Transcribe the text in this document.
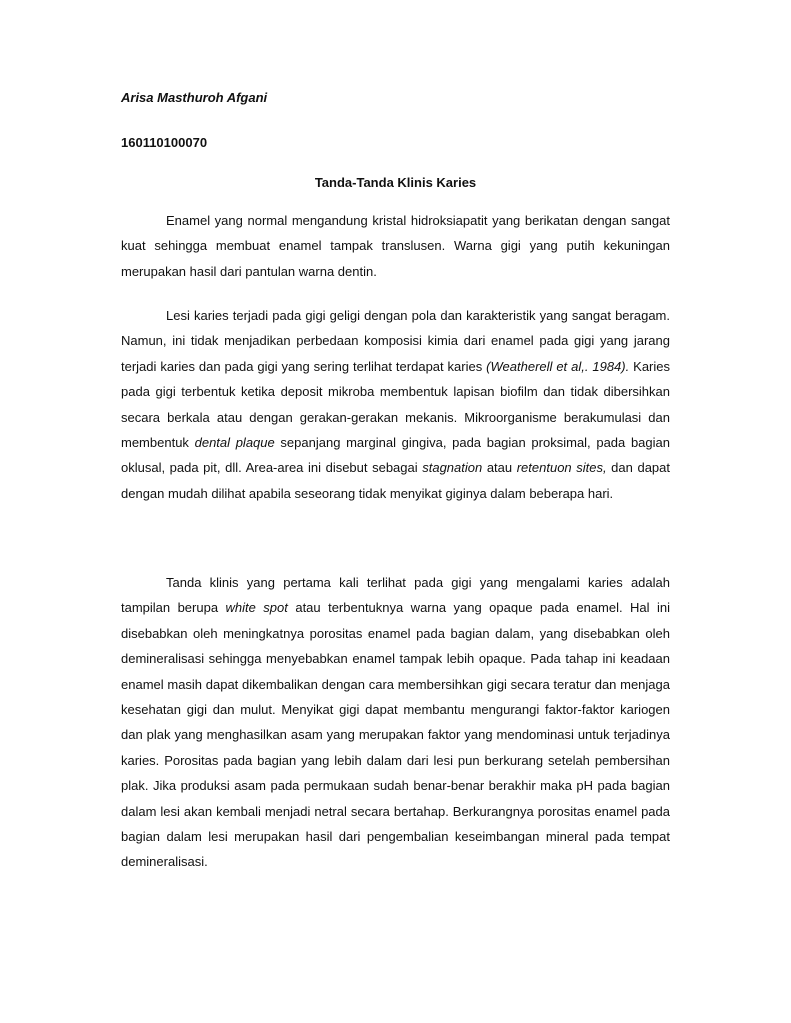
Arisa Masthuroh Afgani

160110100070

Tanda-Tanda Klinis Karies

Enamel yang normal mengandung kristal hidroksiapatit yang berikatan dengan sangat kuat sehingga membuat enamel tampak translusen. Warna gigi yang putih kekuningan merupakan hasil dari pantulan warna dentin.

Lesi karies terjadi pada gigi geligi dengan pola dan karakteristik yang sangat beragam. Namun, ini tidak menjadikan perbedaan komposisi kimia dari enamel pada gigi yang jarang terjadi karies dan pada gigi yang sering terlihat terdapat karies (Weatherell et al,. 1984). Karies pada gigi terbentuk ketika deposit mikroba membentuk lapisan biofilm dan tidak dibersihkan secara berkala atau dengan gerakan-gerakan mekanis. Mikroorganisme berakumulasi dan membentuk dental plaque sepanjang marginal gingiva, pada bagian proksimal, pada bagian oklusal, pada pit, dll. Area-area ini disebut sebagai stagnation atau retentuon sites, dan dapat dengan mudah dilihat apabila seseorang tidak menyikat giginya dalam beberapa hari.

Tanda klinis yang pertama kali terlihat pada gigi yang mengalami karies adalah tampilan berupa white spot atau terbentuknya warna yang opaque pada enamel. Hal ini disebabkan oleh meningkatnya porositas enamel pada bagian dalam, yang disebabkan oleh demineralisasi sehingga menyebabkan enamel tampak lebih opaque. Pada tahap ini keadaan enamel masih dapat dikembalikan dengan cara membersihkan gigi secara teratur dan menjaga kesehatan gigi dan mulut. Menyikat gigi dapat membantu mengurangi faktor-faktor kariogen dan plak yang menghasilkan asam yang merupakan faktor yang mendominasi untuk terjadinya karies. Porositas pada bagian yang lebih dalam dari lesi pun berkurang setelah pembersihan plak. Jika produksi asam pada permukaan sudah benar-benar berakhir maka pH pada bagian dalam lesi akan kembali menjadi netral secara bertahap. Berkurangnya porositas enamel pada bagian dalam lesi merupakan hasil dari pengembalian keseimbangan mineral pada tempat demineralisasi.
